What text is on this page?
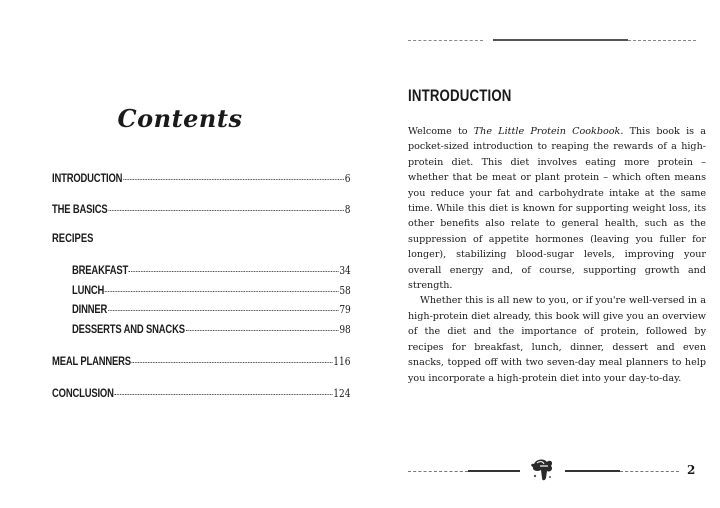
Contents
INTRODUCTION	6
THE BASICS	8
RECIPES
BREAKFAST	34
LUNCH	58
DINNER	79
DESSERTS AND SNACKS	98
MEAL PLANNERS	116
CONCLUSION	124
INTRODUCTION

Welcome to The Little Protein Cookbook. This book is a pocket-sized introduction to reaping the rewards of a high-protein diet. This diet involves eating more protein – whether that be meat or plant protein – which often means you reduce your fat and carbohydrate intake at the same time. While this diet is known for supporting weight loss, its other benefits also relate to general health, such as the suppression of appetite hormones (leaving you fuller for longer), stabilizing blood-sugar levels, improving your overall energy and, of course, supporting growth and strength.

Whether this is all new to you, or if you're well-versed in a high-protein diet already, this book will give you an overview of the diet and the importance of protein, followed by recipes for breakfast, lunch, dinner, dessert and even snacks, topped off with two seven-day meal planners to help you incorporate a high-protein diet into your day-to-day.

2
